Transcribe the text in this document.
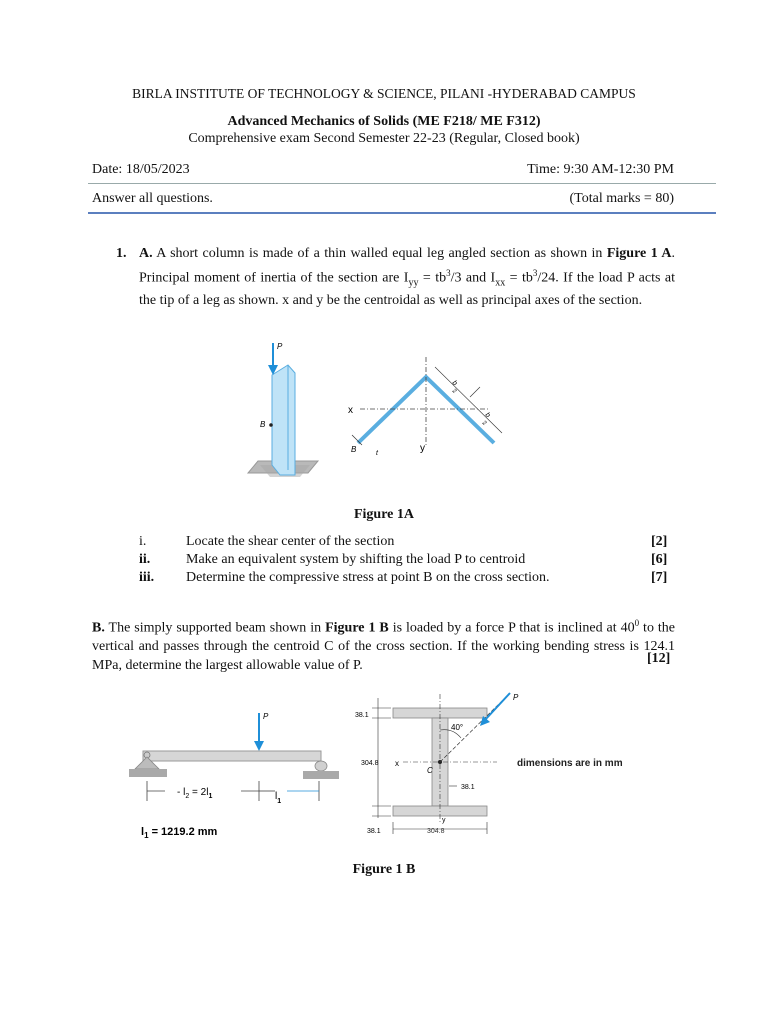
BIRLA INSTITUTE OF TECHNOLOGY & SCIENCE, PILANI -HYDERABAD CAMPUS
Advanced Mechanics of Solids (ME F218/ ME F312)
Comprehensive exam Second Semester 22-23 (Regular, Closed book)
Date: 18/05/2023	Time: 9:30 AM-12:30 PM
Answer all questions.	(Total marks = 80)
1. A. A short column is made of a thin walled equal leg angled section as shown in Figure 1 A. Principal moment of inertia of the section are $I_{yy} = tb^3/3$ and $I_{xx} = tb^3/24$. If the load P acts at the tip of a leg as shown. x and y be the centroidal as well as principal axes of the section.
P
B
x
y
B	t
b
2
b
2
Figure 1A
i.	Locate the shear center of the section	[2]
ii.	Make an equivalent system by shifting the load P to centroid	[6]
iii. Determine the compressive stress at point B on the cross section.	[7]
B. The simply supported beam shown in Figure 1 B is loaded by a force P that is inclined at $40^0$ to the vertical and passes through the centroid C of the cross section. If the working bending stress is 124.1 MPa, determine the largest allowable value of P.	[12]
P
- $l_2 = 2l_1$	$l_1$
$l_1 = 1219.2$ mm
x
y
C
P
40°
38.1
304.8
38.1
38.1
304.8
dimensions are in mm
Figure 1 B
